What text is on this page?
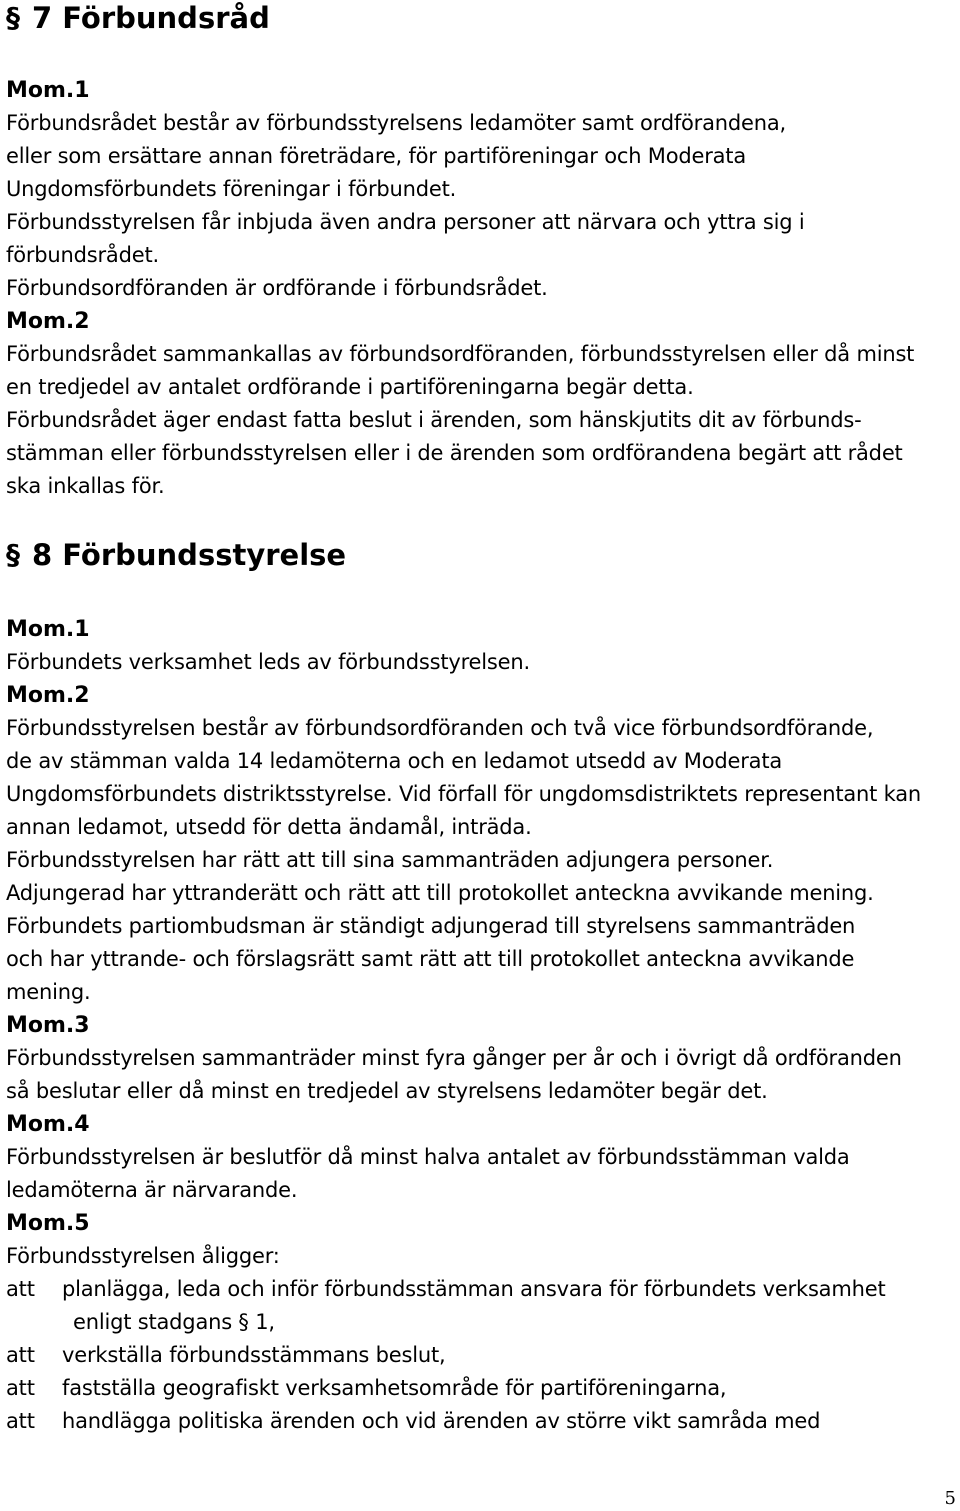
§ 7 Förbundsråd
Mom.1

Förbundsrådet består av förbundsstyrelsens ledamöter samt ordförandena,

eller som ersättare annan företrädare, för partiföreningar och Moderata

Ungdomsförbundets föreningar i förbundet.

Förbundsstyrelsen får inbjuda även andra personer att närvara och yttra sig i

förbundsrådet.

Förbundsordföranden är ordförande i förbundsrådet.

Mom.2

Förbundsrådet sammankallas av förbundsordföranden, förbundsstyrelsen eller då minst

en tredjedel av antalet ordförande i partiföreningarna begär detta.

Förbundsrådet äger endast fatta beslut i ärenden, som hänskjutits dit av förbunds-

stämman eller förbundsstyrelsen eller i de ärenden som ordförandena begärt att rådet

ska inkallas för.

§ 8 Förbundsstyrelse
Mom.1

Förbundets verksamhet leds av förbundsstyrelsen.

Mom.2

Förbundsstyrelsen består av förbundsordföranden och två vice förbundsordförande,

de av stämman valda 14 ledamöterna och en ledamot utsedd av Moderata

Ungdomsförbundets distriktsstyrelse. Vid förfall för ungdomsdistriktets representant kan

annan ledamot, utsedd för detta ändamål, inträda.

Förbundsstyrelsen har rätt att till sina sammanträden adjungera personer.

Adjungerad har yttranderätt och rätt att till protokollet anteckna avvikande mening.

Förbundets partiombudsman är ständigt adjungerad till styrelsens sammanträden

och har yttrande- och förslagsrätt samt rätt att till protokollet anteckna avvikande

mening.

Mom.3

Förbundsstyrelsen sammanträder minst fyra gånger per år och i övrigt då ordföranden

så beslutar eller då minst en tredjedel av styrelsens ledamöter begär det.

Mom.4

Förbundsstyrelsen är beslutför då minst halva antalet av förbundsstämman valda

ledamöterna är närvarande.

Mom.5

Förbundsstyrelsen åligger:

att	planlägga, leda och inför förbundsstämman ansvara för förbundets verksamhet
enligt stadgans § 1,
att	verkställa förbundsstämmans beslut,
att	fastställa geografiskt verksamhetsområde för partiföreningarna,
att	handlägga politiska ärenden och vid ärenden av större vikt samråda med
5
